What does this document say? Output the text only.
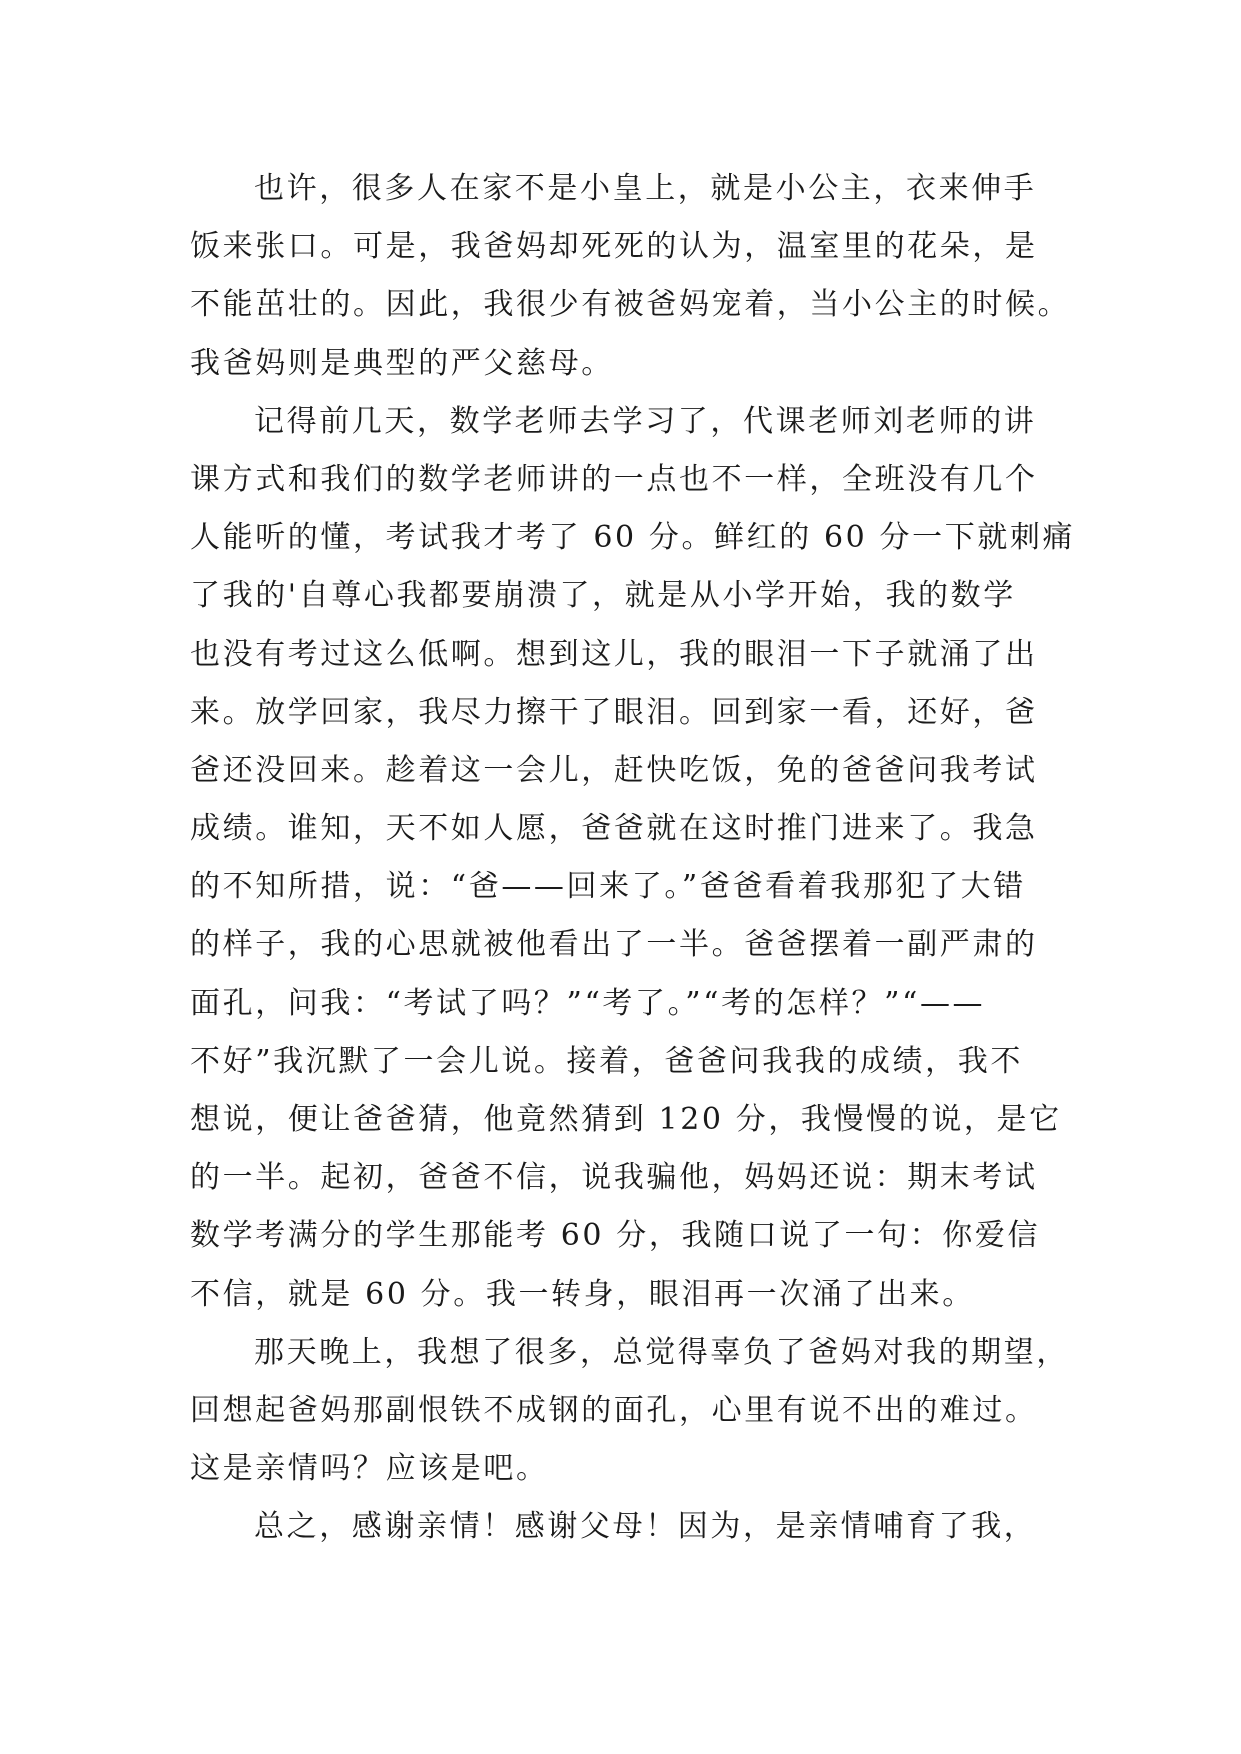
也许，很多人在家不是小皇上，就是小公主，衣来伸手
饭来张口。可是，我爸妈却死死的认为，温室里的花朵，是
不能茁壮的。因此，我很少有被爸妈宠着，当小公主的时候。
我爸妈则是典型的严父慈母。
记得前几天，数学老师去学习了，代课老师刘老师的讲
课方式和我们的数学老师讲的一点也不一样，全班没有几个
人能听的懂，考试我才考了 60 分。鲜红的 60 分一下就刺痛
了我的'自尊心我都要崩溃了，就是从小学开始，我的数学
也没有考过这么低啊。想到这儿，我的眼泪一下子就涌了出
来。放学回家，我尽力擦干了眼泪。回到家一看，还好，爸
爸还没回来。趁着这一会儿，赶快吃饭，免的爸爸问我考试
成绩。谁知，天不如人愿，爸爸就在这时推门进来了。我急
的不知所措，说：“爸——回来了。”爸爸看着我那犯了大错
的样子，我的心思就被他看出了一半。爸爸摆着一副严肃的
面孔，问我：“考试了吗？”“考了。”“考的怎样？”“——
不好”我沉默了一会儿说。接着，爸爸问我我的成绩，我不
想说，便让爸爸猜，他竟然猜到 120 分，我慢慢的说，是它
的一半。起初，爸爸不信，说我骗他，妈妈还说：期末考试
数学考满分的学生那能考 60 分，我随口说了一句：你爱信
不信，就是 60 分。我一转身，眼泪再一次涌了出来。
那天晚上，我想了很多，总觉得辜负了爸妈对我的期望，
回想起爸妈那副恨铁不成钢的面孔，心里有说不出的难过。
这是亲情吗？应该是吧。
总之，感谢亲情！感谢父母！因为，是亲情哺育了我，
